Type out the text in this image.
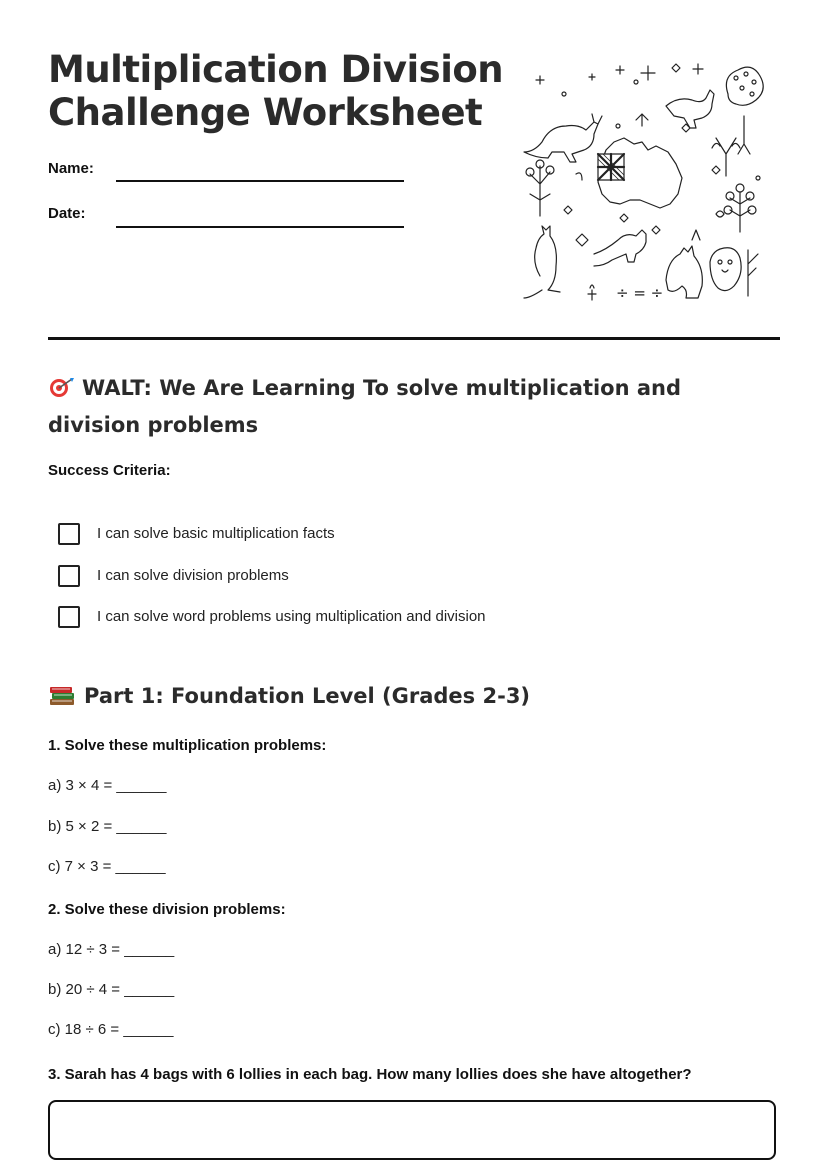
Multiplication Division
Challenge Worksheet
Name:
Date:
÷ = ÷
WALT: We Are Learning To solve multiplication and division problems
Success Criteria:
I can solve basic multiplication facts
I can solve division problems
I can solve word problems using multiplication and division
Part 1: Foundation Level (Grades 2-3)
1. Solve these multiplication problems:
a) 3 × 4 = ______
b) 5 × 2 = ______
c) 7 × 3 = ______
2. Solve these division problems:
a) 12 ÷ 3 = ______
b) 20 ÷ 4 = ______
c) 18 ÷ 6 = ______
3. Sarah has 4 bags with 6 lollies in each bag. How many lollies does she have altogether?
